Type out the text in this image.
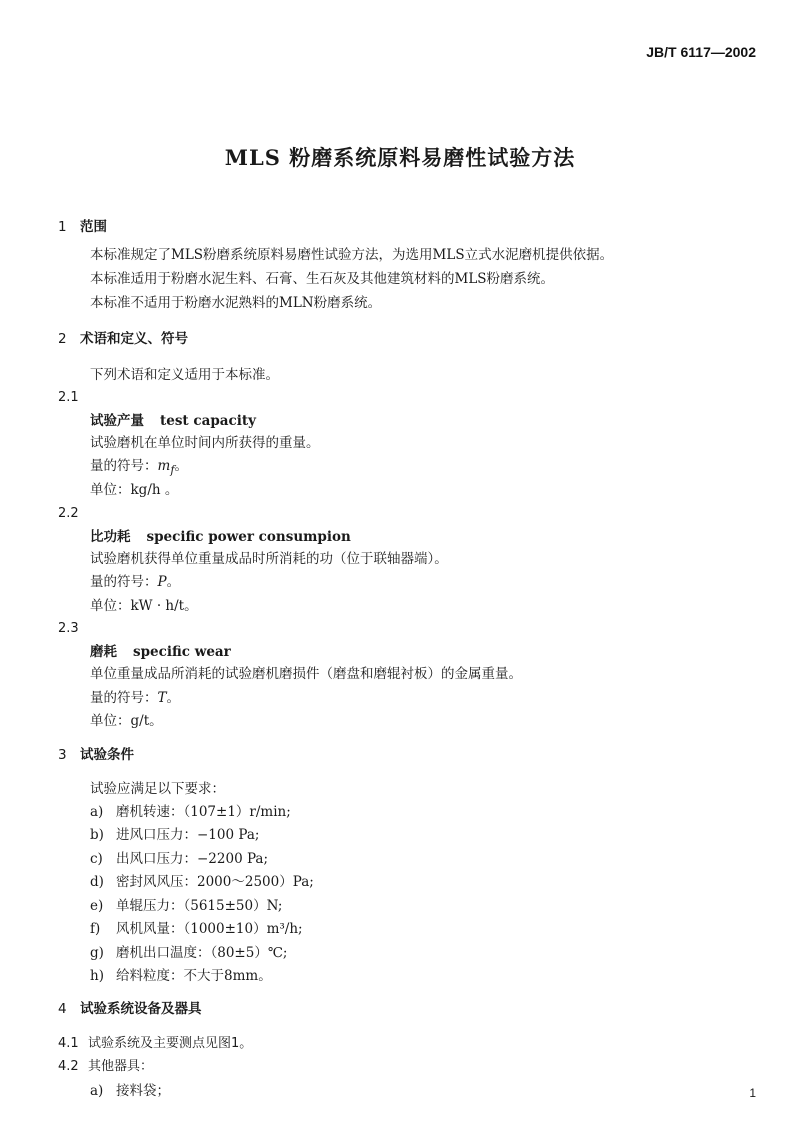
JB/T 6117—2002
MLS 粉磨系统原料易磨性试验方法
1 范围
本标准规定了MLS粉磨系统原料易磨性试验方法，为选用MLS立式水泥磨机提供依据。
本标准适用于粉磨水泥生料、石膏、生石灰及其他建筑材料的MLS粉磨系统。
本标准不适用于粉磨水泥熟料的MLN粉磨系统。
2 术语和定义、符号
下列术语和定义适用于本标准。
2.1
试验产量 test capacity
试验磨机在单位时间内所获得的重量。
量的符号：$m_f$。
单位：kg/h 。
2.2
比功耗 specific power consumpion
试验磨机获得单位重量成品时所消耗的功（位于联轴器端）。
量的符号：P。
单位：kW · h/t。
2.3
磨耗 specific wear
单位重量成品所消耗的试验磨机磨损件（磨盘和磨辊衬板）的金属重量。
量的符号：T。
单位：g/t。
3 试验条件
试验应满足以下要求：
a) 磨机转速：（107±1）r/min;
b) 进风口压力：−100 Pa;
c) 出风口压力：−2200 Pa;
d) 密封风风压：2000～2500）Pa;
e) 单辊压力：（5615±50）N;
f) 风机风量：（1000±10）m³/h;
g) 磨机出口温度：（80±5）℃;
h) 给料粒度：不大于8mm。
4 试验系统设备及器具
4.1 试验系统及主要测点见图1。
4.2 其他器具：
a) 接料袋；	1
